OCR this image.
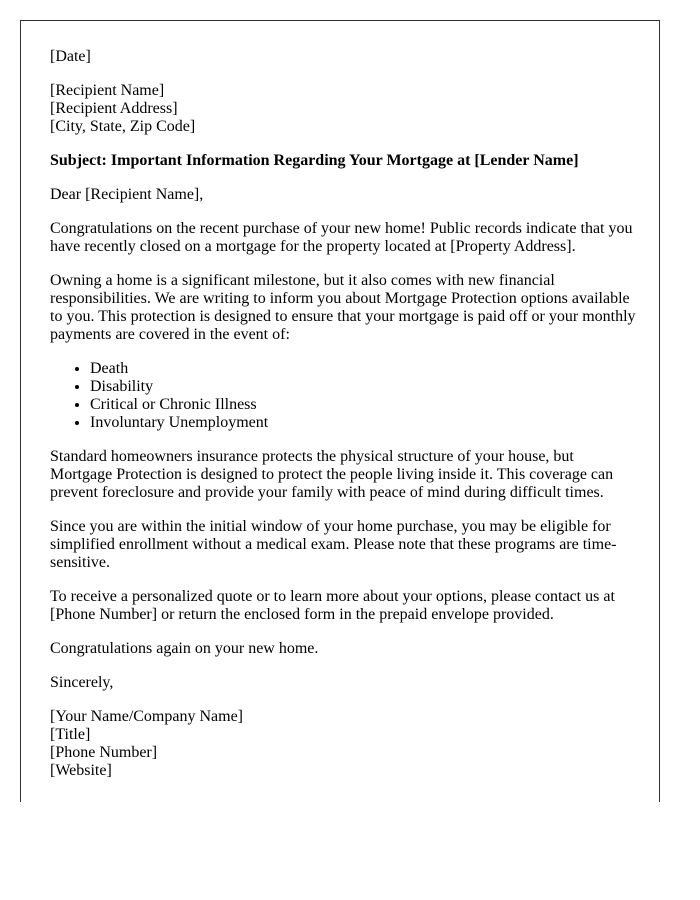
[Date]

[Recipient Name]
[Recipient Address]
[City, State, Zip Code]

Subject: Important Information Regarding Your Mortgage at [Lender Name]

Dear [Recipient Name],

Congratulations on the recent purchase of your new home! Public records indicate that you have recently closed on a mortgage for the property located at [Property Address].

Owning a home is a significant milestone, but it also comes with new financial responsibilities. We are writing to inform you about Mortgage Protection options available to you. This protection is designed to ensure that your mortgage is paid off or your monthly payments are covered in the event of:

• Death
• Disability
• Critical or Chronic Illness
• Involuntary Unemployment

Standard homeowners insurance protects the physical structure of your house, but Mortgage Protection is designed to protect the people living inside it. This coverage can prevent foreclosure and provide your family with peace of mind during difficult times.

Since you are within the initial window of your home purchase, you may be eligible for simplified enrollment without a medical exam. Please note that these programs are time-sensitive.

To receive a personalized quote or to learn more about your options, please contact us at [Phone Number] or return the enclosed form in the prepaid envelope provided.

Congratulations again on your new home.

Sincerely,

[Your Name/Company Name]
[Title]
[Phone Number]
[Website]
